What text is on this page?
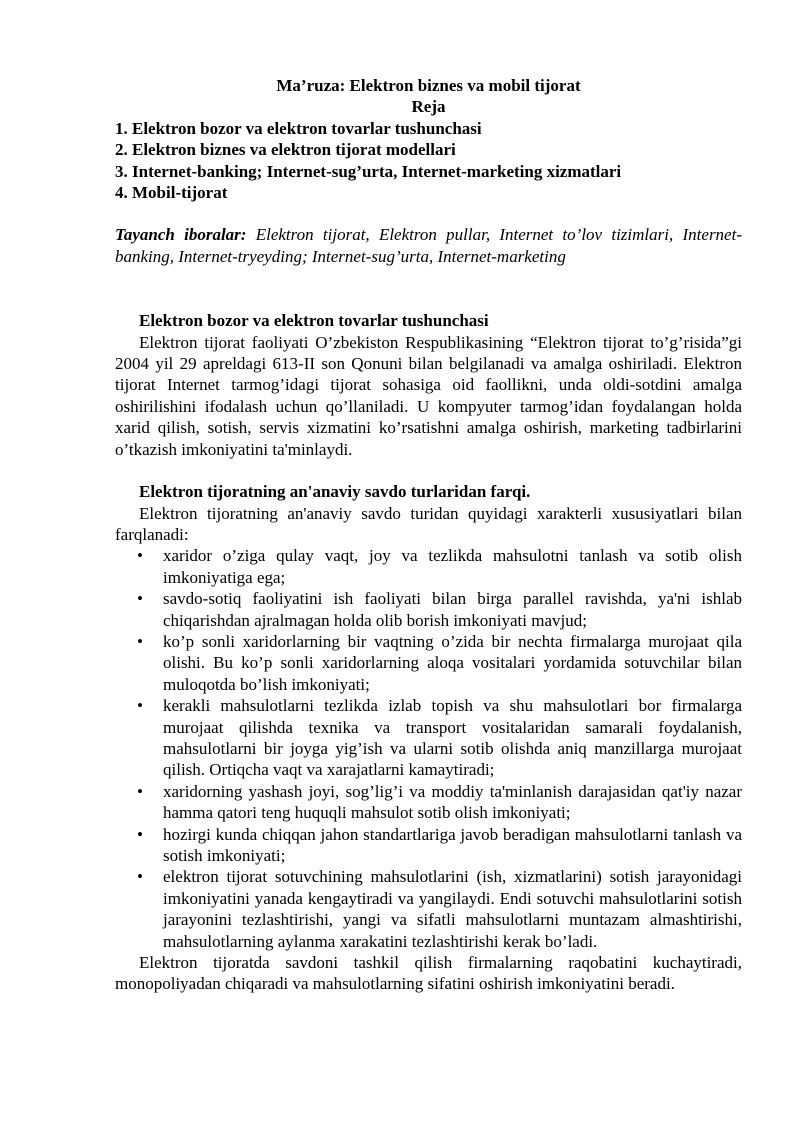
Ma’ruza: Elektron biznes va mobil tijorat
Reja
1. Elektron bozor va elektron tovarlar tushunchasi
2. Elektron biznes va elektron tijorat modellari
3. Internet-banking; Internet-sug’urta, Internet-marketing xizmatlari
4. Mobil-tijorat

Tayanch iboralar: Elektron tijorat, Elektron pullar, Internet to’lov tizimlari, Internet-banking, Internet-tryeyding; Internet-sug’urta, Internet-marketing

Elektron bozor va elektron tovarlar tushunchasi

Elektron tijorat faoliyati O’zbekiston Respublikasining “Elektron tijorat to’g’risida”gi 2004 yil 29 apreldagi 613-II son Qonuni bilan belgilanadi va amalga oshiriladi. Elektron tijorat Internet tarmog’idagi tijorat sohasiga oid faollikni, unda oldi-sotdini amalga oshirilishini ifodalash uchun qo’llaniladi. U kompyuter tarmog’idan foydalangan holda xarid qilish, sotish, servis xizmatini ko’rsatishni amalga oshirish, marketing tadbirlarini o’tkazish imkoniyatini ta'minlaydi.

Elektron tijoratning an'anaviy savdo turlaridan farqi.

Elektron tijoratning an'anaviy savdo turidan quyidagi xarakterli xususiyatlari bilan farqlanadi:

• xaridor o’ziga qulay vaqt, joy va tezlikda mahsulotni tanlash va sotib olish imkoniyatiga ega;
• savdo-sotiq faoliyatini ish faoliyati bilan birga parallel ravishda, ya'ni ishlab chiqarishdan ajralmagan holda olib borish imkoniyati mavjud;
• ko’p sonli xaridorlarning bir vaqtning o’zida bir nechta firmalarga murojaat qila olishi. Bu ko’p sonli xaridorlarning aloqa vositalari yordamida sotuvchilar bilan muloqotda bo’lish imkoniyati;
• kerakli mahsulotlarni tezlikda izlab topish va shu mahsulotlari bor firmalarga murojaat qilishda texnika va transport vositalaridan samarali foydalanish, mahsulotlarni bir joyga yig’ish va ularni sotib olishda aniq manzillarga murojaat qilish. Ortiqcha vaqt va xarajatlarni kamaytiradi;
• xaridorning yashash joyi, sog’lig’i va moddiy ta'minlanish darajasidan qat'iy nazar hamma qatori teng huquqli mahsulot sotib olish imkoniyati;
• hozirgi kunda chiqqan jahon standartlariga javob beradigan mahsulotlarni tanlash va sotish imkoniyati;
• elektron tijorat sotuvchining mahsulotlarini (ish, xizmatlarini) sotish jarayonidagi imkoniyatini yanada kengaytiradi va yangilaydi. Endi sotuvchi mahsulotlarini sotish jarayonini tezlashtirishi, yangi va sifatli mahsulotlarni muntazam almashtirishi, mahsulotlarning aylanma xarakatini tezlashtirishi kerak bo’ladi.

Elektron tijoratda savdoni tashkil qilish firmalarning raqobatini kuchaytiradi, monopoliyadan chiqaradi va mahsulotlarning sifatini oshirish imkoniyatini beradi.
